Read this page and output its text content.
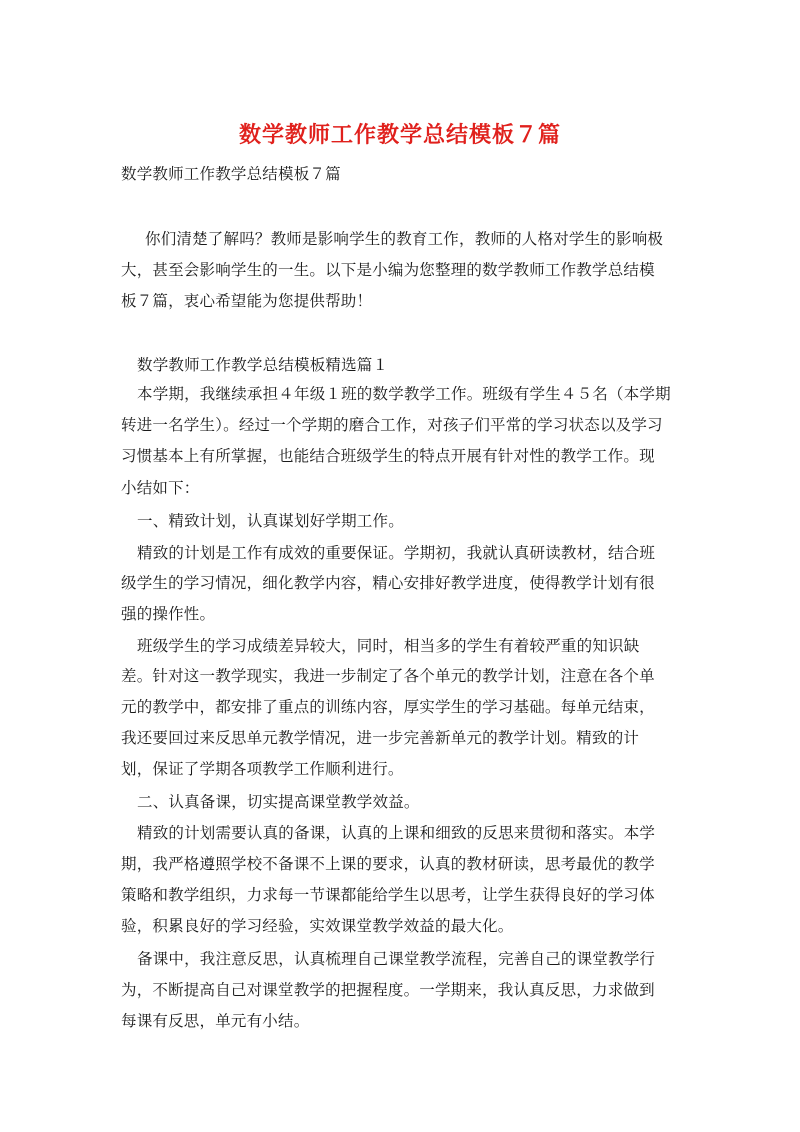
数学教师工作教学总结模板７篇
数学教师工作教学总结模板７篇
你们清楚了解吗？教师是影响学生的教育工作，教师的人格对学生的影响极
大，甚至会影响学生的一生。以下是小编为您整理的数学教师工作教学总结模
板７篇，衷心希望能为您提供帮助！
数学教师工作教学总结模板精选篇１
本学期，我继续承担４年级１班的数学教学工作。班级有学生４５名（本学期
转进一名学生）。经过一个学期的磨合工作，对孩子们平常的学习状态以及学习
习惯基本上有所掌握，也能结合班级学生的特点开展有针对性的教学工作。现
小结如下：
一、精致计划，认真谋划好学期工作。
精致的计划是工作有成效的重要保证。学期初，我就认真研读教材，结合班
级学生的学习情况，细化教学内容，精心安排好教学进度，使得教学计划有很
强的操作性。
班级学生的学习成绩差异较大，同时，相当多的学生有着较严重的知识缺
差。针对这一教学现实，我进一步制定了各个单元的教学计划，注意在各个单
元的教学中，都安排了重点的训练内容，厚实学生的学习基础。每单元结束，
我还要回过来反思单元教学情况，进一步完善新单元的教学计划。精致的计
划，保证了学期各项教学工作顺利进行。
二、认真备课，切实提高课堂教学效益。
精致的计划需要认真的备课，认真的上课和细致的反思来贯彻和落实。本学
期，我严格遵照学校不备课不上课的要求，认真的教材研读，思考最优的教学
策略和教学组织，力求每一节课都能给学生以思考，让学生获得良好的学习体
验，积累良好的学习经验，实效课堂教学效益的最大化。
备课中，我注意反思，认真梳理自己课堂教学流程，完善自己的课堂教学行
为，不断提高自己对课堂教学的把握程度。一学期来，我认真反思，力求做到
每课有反思，单元有小结。
